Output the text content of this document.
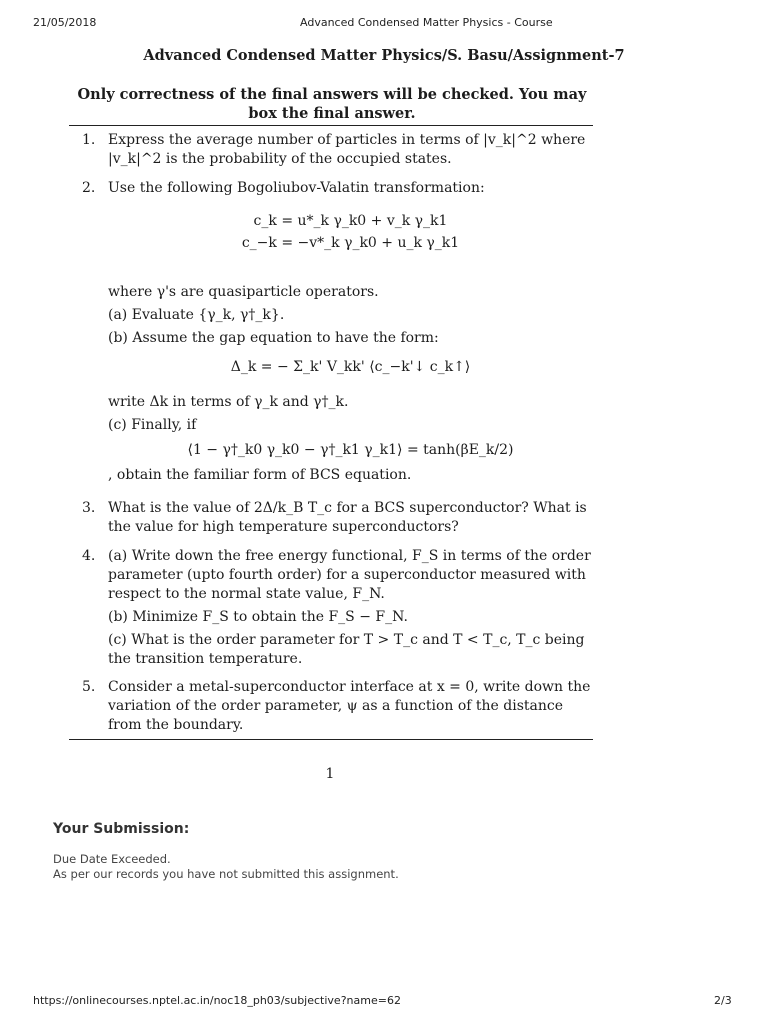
21/05/2018	Advanced Condensed Matter Physics - Course
Advanced Condensed Matter Physics/S. Basu/Assignment-7
Only correctness of the final answers will be checked. You may box the final answer.
1. Express the average number of particles in terms of |v_k|^2 where |v_k|^2 is the probability of the occupied states.

2. Use the following Bogoliubov-Valatin transformation:

c_k = u*_k γ_k0 + v_k γ_k1

c_−k = −v*_k γ_k0 + u_k γ_k1

where γ's are quasiparticle operators.

(a) Evaluate {γ_k, γ†_k}.

(b) Assume the gap equation to have the form:

Δ_k = − Σ_k' V_kk' ⟨c_−k'↓ c_k↑⟩

write Δk in terms of γ_k and γ†_k.

(c) Finally, if

⟨1 − γ†_k0 γ_k0 − γ†_k1 γ_k1⟩ = tanh(βE_k/2)

, obtain the familiar form of BCS equation.

3. What is the value of 2Δ/k_B T_c for a BCS superconductor? What is the value for high temperature superconductors?

4. (a) Write down the free energy functional, F_S in terms of the order parameter (upto fourth order) for a superconductor measured with respect to the normal state value, F_N.

(b) Minimize F_S to obtain the F_S − F_N.

(c) What is the order parameter for T > T_c and T < T_c, T_c being the transition temperature.

5. Consider a metal-superconductor interface at x = 0, write down the variation of the order parameter, ψ as a function of the distance from the boundary.

1
Your Submission:
Due Date Exceeded.
As per our records you have not submitted this assignment.
https://onlinecourses.nptel.ac.in/noc18_ph03/subjective?name=62	2/3
